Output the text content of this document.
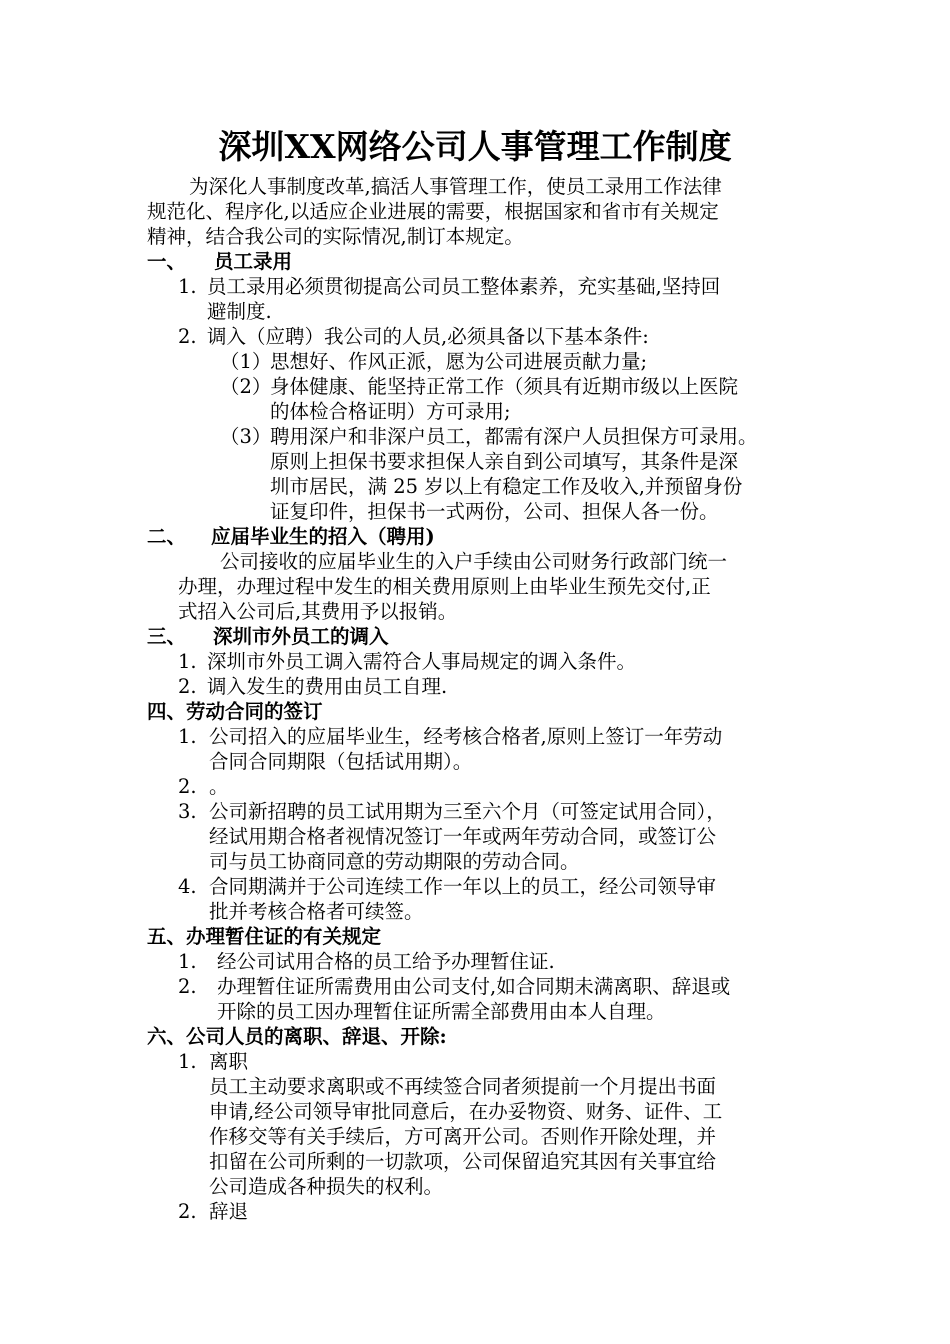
深圳XX网络公司人事管理工作制度
为深化人事制度改革,搞活人事管理工作，使员工录用工作法律
规范化、程序化,以适应企业进展的需要，根据国家和省市有关规定
精神，结合我公司的实际情况,制订本规定。
一、 员工录用
1. 员工录用必须贯彻提高公司员工整体素养，充实基础,坚持回
避制度.
2. 调入（应聘）我公司的人员,必须具备以下基本条件:
（1）
思想好、作风正派，愿为公司进展贡献力量;
（2）
身体健康、能坚持正常工作（须具有近期市级以上医院
的体检合格证明）方可录用;
（3）
聘用深户和非深户员工，都需有深户人员担保方可录用。
原则上担保书要求担保人亲自到公司填写，其条件是深
圳市居民，满 25 岁以上有稳定工作及收入,并预留身份
证复印件，担保书一式两份，公司、担保人各一份。
二、 应届毕业生的招入（聘用)
公司接收的应届毕业生的入户手续由公司财务行政部门统一
办理，办理过程中发生的相关费用原则上由毕业生预先交付,正
式招入公司后,其费用予以报销。
三、 深圳市外员工的调入
1. 深圳市外员工调入需符合人事局规定的调入条件。
2. 调入发生的费用由员工自理.
四、劳动合同的签订
1. 公司招入的应届毕业生，经考核合格者,原则上签订一年劳动
合同合同期限（包括试用期）。
2. 。
3. 公司新招聘的员工试用期为三至六个月（可签定试用合同），
经试用期合格者视情况签订一年或两年劳动合同，或签订公
司与员工协商同意的劳动期限的劳动合同。
4. 合同期满并于公司连续工作一年以上的员工，经公司领导审
批并考核合格者可续签。
五、办理暂住证的有关规定
1. 经公司试用合格的员工给予办理暂住证.
2. 办理暂住证所需费用由公司支付,如合同期未满离职、辞退或
开除的员工因办理暂住证所需全部费用由本人自理。
六、公司人员的离职、辞退、开除:
1. 离职
员工主动要求离职或不再续签合同者须提前一个月提出书面
申请,经公司领导审批同意后，在办妥物资、财务、证件、工
作移交等有关手续后，方可离开公司。否则作开除处理，并
扣留在公司所剩的一切款项，公司保留追究其因有关事宜给
公司造成各种损失的权利。
2. 辞退
